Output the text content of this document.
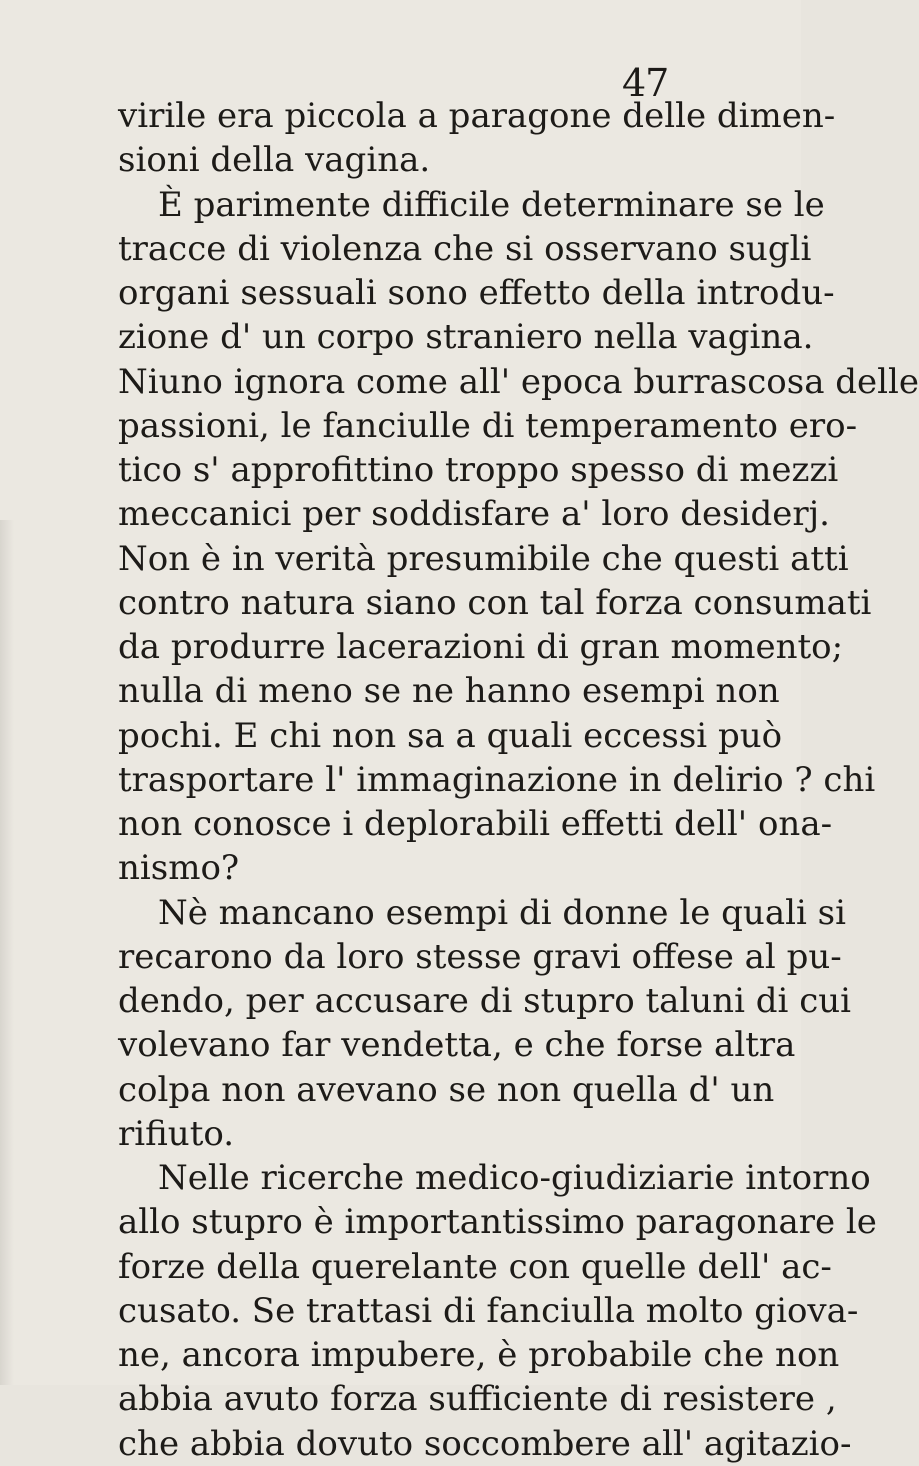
47
virile era piccola a paragone delle dimen-
sioni della vagina.
È parimente difficile determinare se le
tracce di violenza che si osservano sugli
organi sessuali sono effetto della introdu-
zione d' un corpo straniero nella vagina.
Niuno ignora come all' epoca burrascosa delle
passioni, le fanciulle di temperamento ero-
tico s' approfittino troppo spesso di mezzi
meccanici per soddisfare a' loro desiderj.
Non è in verità presumibile che questi atti
contro natura siano con tal forza consumati
da produrre lacerazioni di gran momento;
nulla di meno se ne hanno esempi non
pochi. E chi non sa a quali eccessi può
trasportare l' immaginazione in delirio ? chi
non conosce i deplorabili effetti dell' ona-
nismo?
Nè mancano esempi di donne le quali si
recarono da loro stesse gravi offese al pu-
dendo, per accusare di stupro taluni di cui
volevano far vendetta, e che forse altra
colpa non avevano se non quella d' un
rifiuto.
Nelle ricerche medico-giudiziarie intorno
allo stupro è importantissimo paragonare le
forze della querelante con quelle dell' ac-
cusato. Se trattasi di fanciulla molto giova-
ne, ancora impubere, è probabile che non
abbia avuto forza sufficiente di resistere ,
che abbia dovuto soccombere all' agitazio-
